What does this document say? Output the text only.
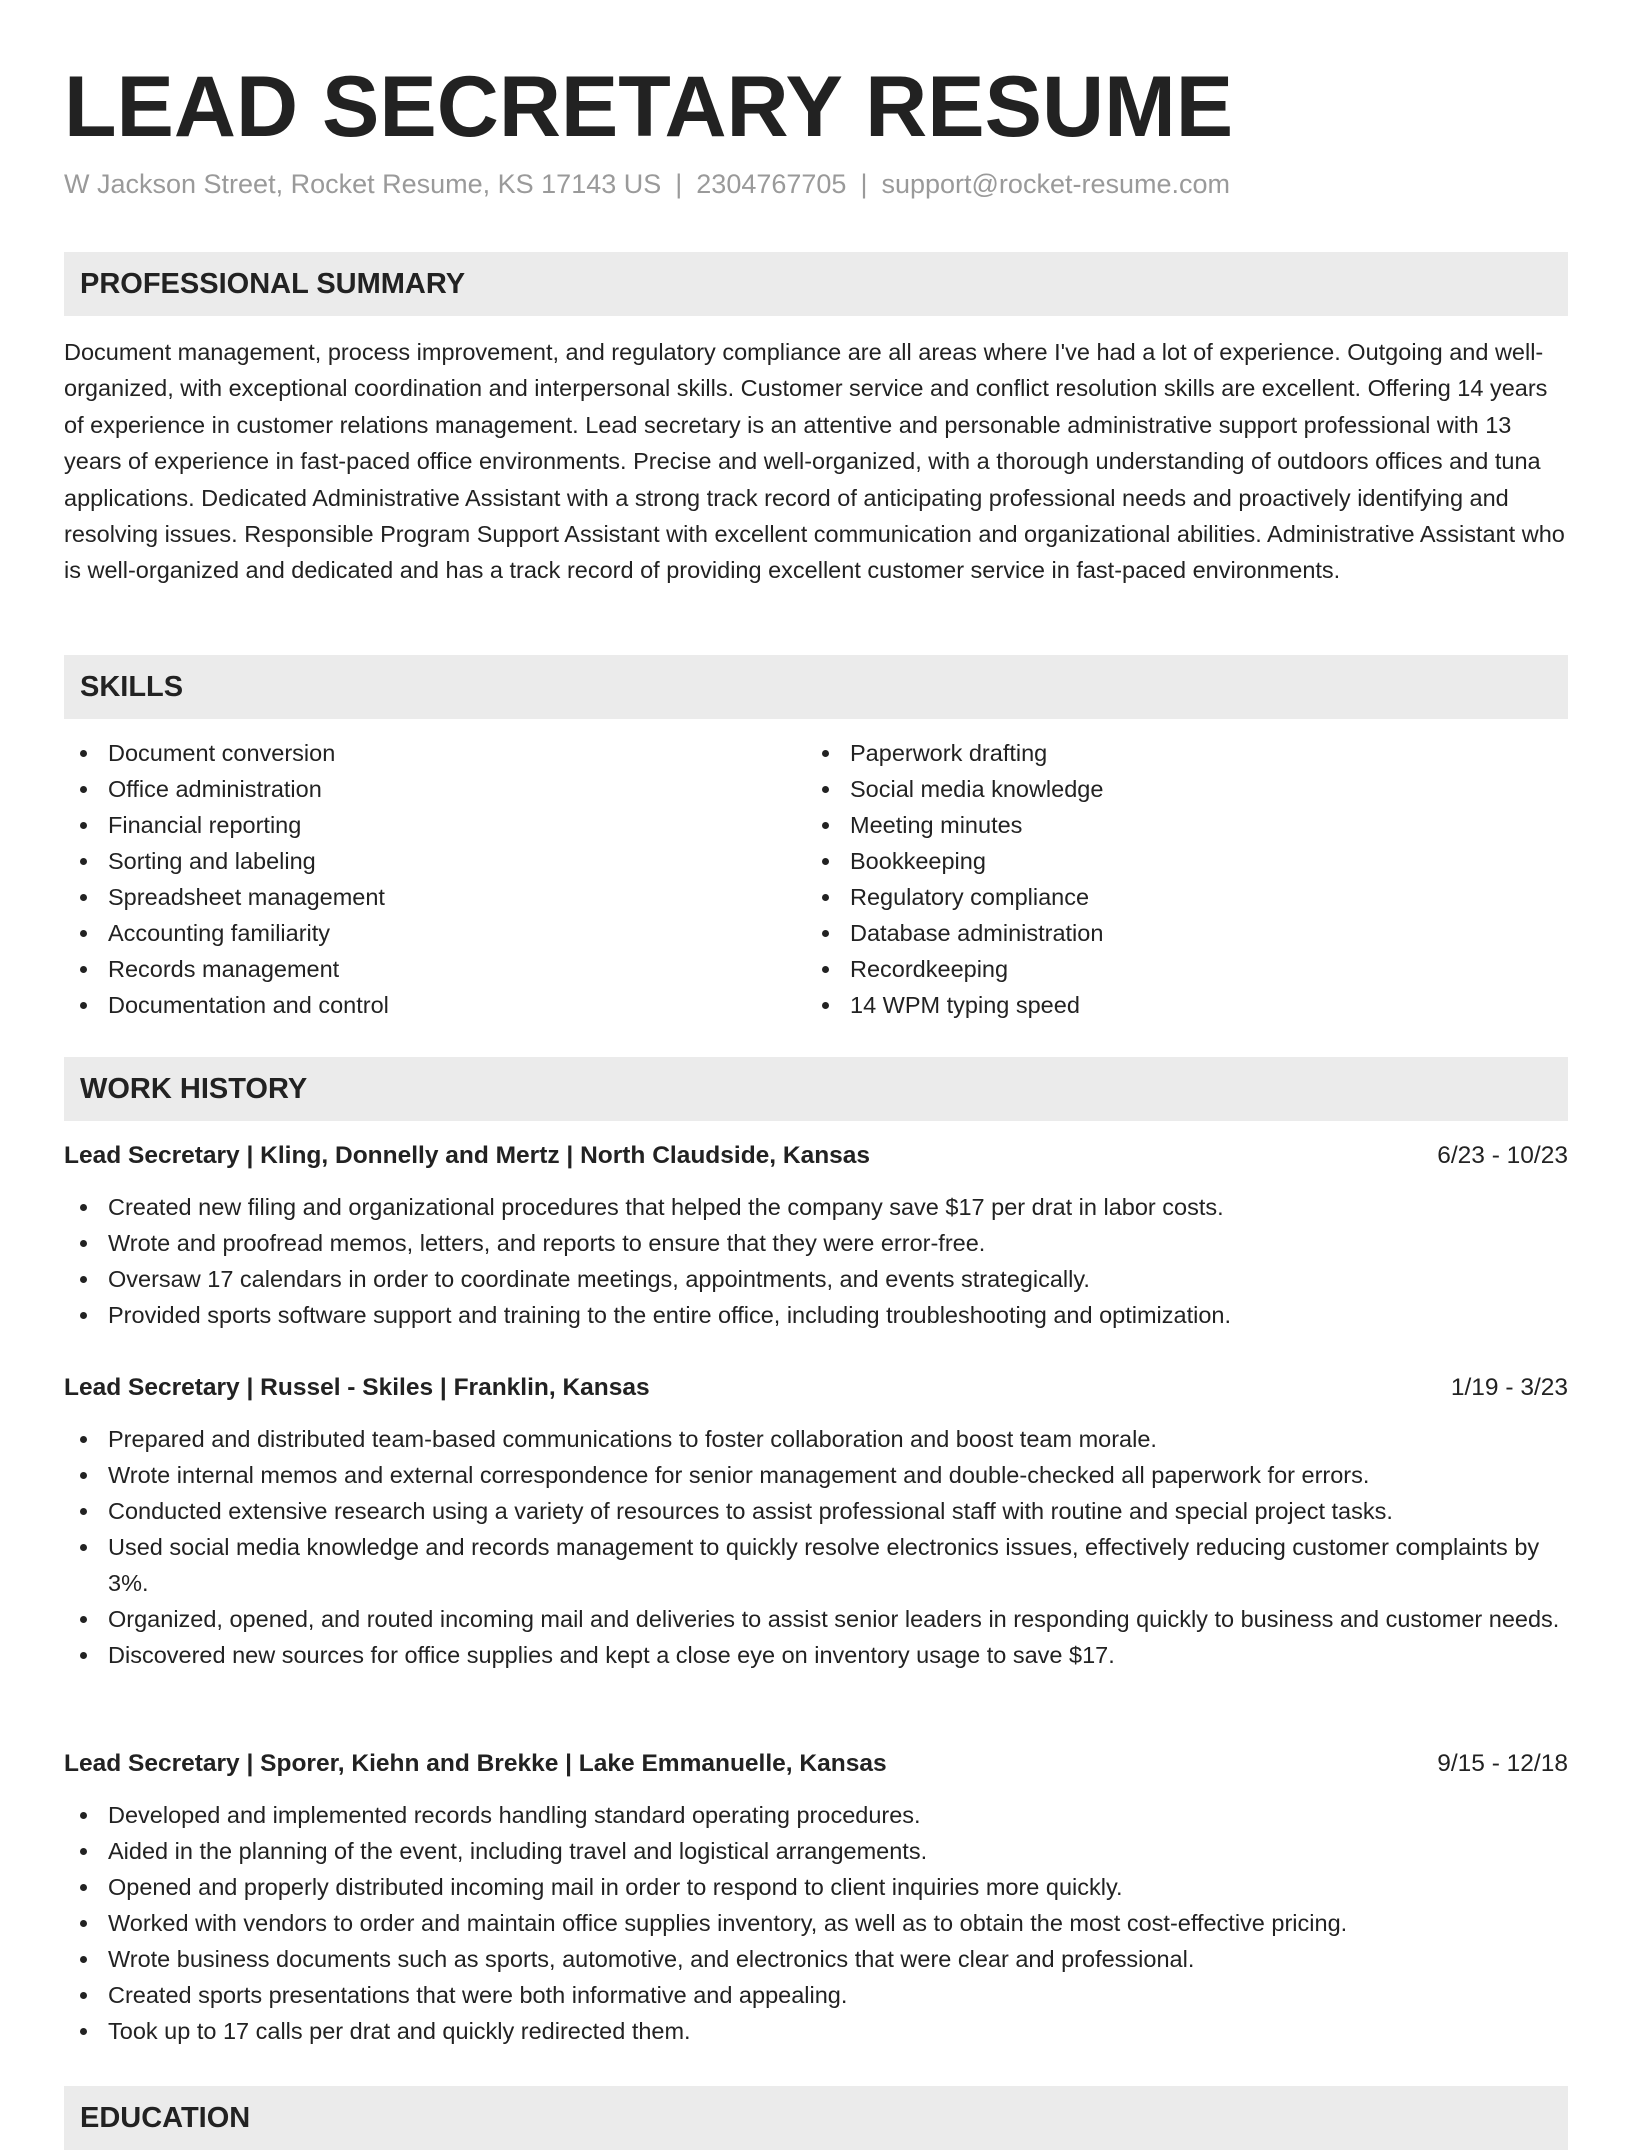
LEAD SECRETARY RESUME
W Jackson Street, Rocket Resume, KS 17143 US | 2304767705 | support@rocket-resume.com
PROFESSIONAL SUMMARY

Document management, process improvement, and regulatory compliance are all areas where I've had a lot of experience. Outgoing and well-organized, with exceptional coordination and interpersonal skills. Customer service and conflict resolution skills are excellent. Offering 14 years of experience in customer relations management. Lead secretary is an attentive and personable administrative support professional with 13 years of experience in fast-paced office environments. Precise and well-organized, with a thorough understanding of outdoors offices and tuna applications. Dedicated Administrative Assistant with a strong track record of anticipating professional needs and proactively identifying and resolving issues. Responsible Program Support Assistant with excellent communication and organizational abilities. Administrative Assistant who is well-organized and dedicated and has a track record of providing excellent customer service in fast-paced environments.

SKILLS
Document conversion
Office administration
Financial reporting
Sorting and labeling
Spreadsheet management
Accounting familiarity
Records management
Documentation and control
Paperwork drafting
Social media knowledge
Meeting minutes
Bookkeeping
Regulatory compliance
Database administration
Recordkeeping
14 WPM typing speed
WORK HISTORY
Lead Secretary | Kling, Donnelly and Mertz | North Claudside, Kansas	6/23 - 10/23
Created new filing and organizational procedures that helped the company save $17 per drat in labor costs.
Wrote and proofread memos, letters, and reports to ensure that they were error-free.
Oversaw 17 calendars in order to coordinate meetings, appointments, and events strategically.
Provided sports software support and training to the entire office, including troubleshooting and optimization.
Lead Secretary | Russel - Skiles | Franklin, Kansas	1/19 - 3/23
Prepared and distributed team-based communications to foster collaboration and boost team morale.
Wrote internal memos and external correspondence for senior management and double-checked all paperwork for errors.
Conducted extensive research using a variety of resources to assist professional staff with routine and special project tasks.
Used social media knowledge and records management to quickly resolve electronics issues, effectively reducing customer complaints by 3%.
Organized, opened, and routed incoming mail and deliveries to assist senior leaders in responding quickly to business and customer needs.
Discovered new sources for office supplies and kept a close eye on inventory usage to save $17.
Lead Secretary | Sporer, Kiehn and Brekke | Lake Emmanuelle, Kansas	9/15 - 12/18
Developed and implemented records handling standard operating procedures.
Aided in the planning of the event, including travel and logistical arrangements.
Opened and properly distributed incoming mail in order to respond to client inquiries more quickly.
Worked with vendors to order and maintain office supplies inventory, as well as to obtain the most cost-effective pricing.
Wrote business documents such as sports, automotive, and electronics that were clear and professional.
Created sports presentations that were both informative and appealing.
Took up to 17 calls per drat and quickly redirected them.
EDUCATION
